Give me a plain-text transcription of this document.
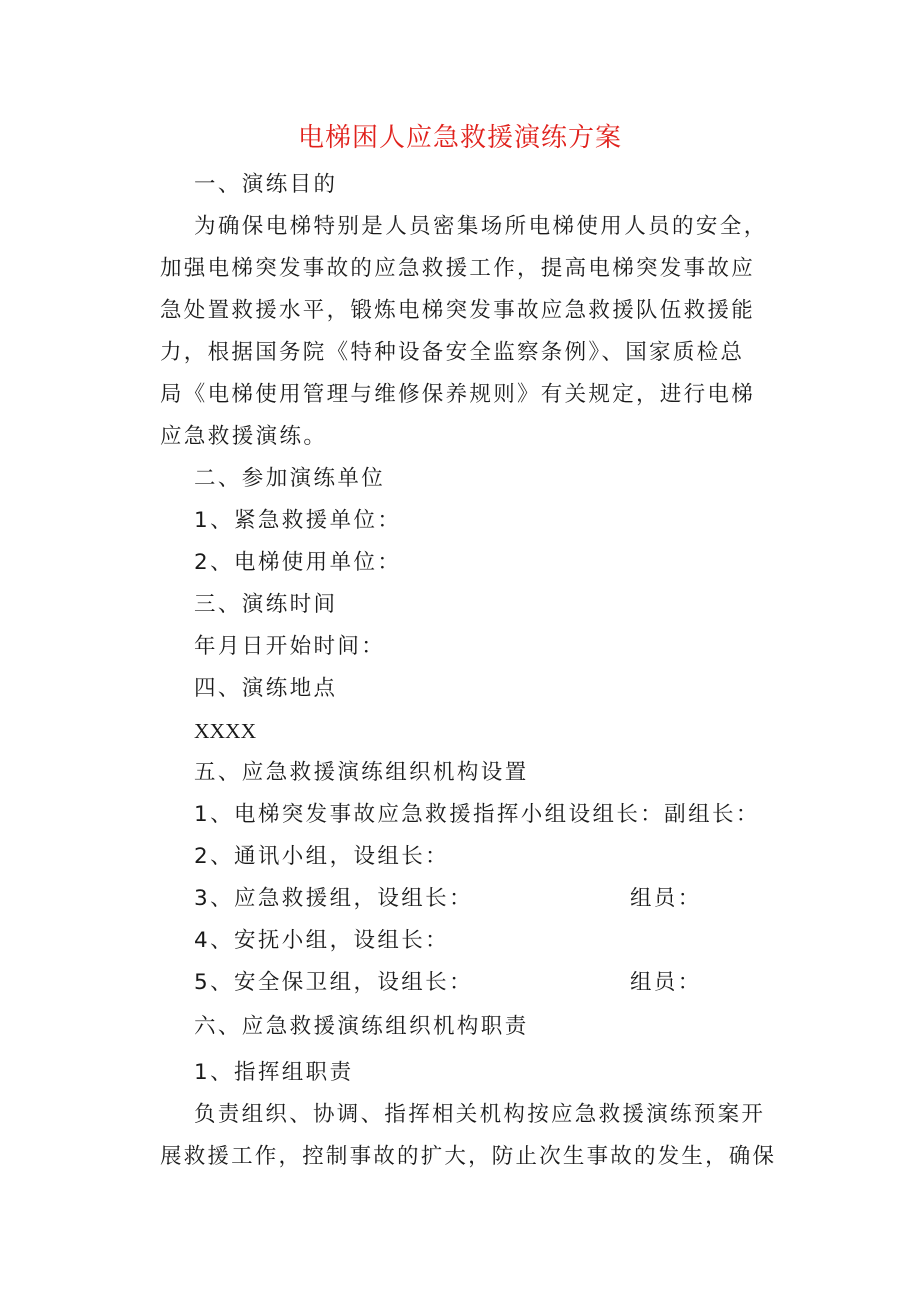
电梯困人应急救援演练方案
一、演练目的
为确保电梯特别是人员密集场所电梯使用人员的安全，
加强电梯突发事故的应急救援工作，提高电梯突发事故应
急处置救援水平，锻炼电梯突发事故应急救援队伍救援能
力，根据国务院《特种设备安全监察条例》、国家质检总
局《电梯使用管理与维修保养规则》有关规定，进行电梯
应急救援演练。
二、参加演练单位
1、紧急救援单位：
2、电梯使用单位：
三、演练时间
年月日开始时间：
四、演练地点
XXXX
五、应急救援演练组织机构设置
1、电梯突发事故应急救援指挥小组设组长：副组长：
2、通讯小组，设组长：
3、应急救援组，设组长：	组员：
4、安抚小组，设组长：
5、安全保卫组，设组长：	组员：
六、应急救援演练组织机构职责
1、指挥组职责
负责组织、协调、指挥相关机构按应急救援演练预案开
展救援工作，控制事故的扩大，防止次生事故的发生，确保
